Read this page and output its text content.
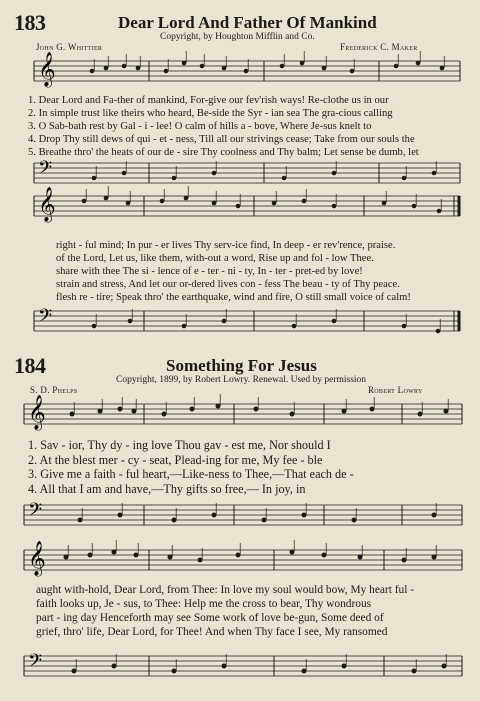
183	Dear Lord And Father Of Mankind
Copyright, by Houghton Mifflin and Co.
John G. Whittier	Frederick C. Maker
𝄞
1. Dear Lord and Fa-ther of mankind, For-give our fev'rish ways! Re-clothe us in our
2. In simple trust like theirs who heard, Be-side the Syr - ian sea The gra-cious calling
3. O Sab-bath rest by Gal - i - lee! O calm of hills a - bove, Where Je-sus knelt to
4. Drop Thy still dews of qui - et - ness, Till all our strivings cease; Take from our souls the
5. Breathe thro' the heats of our de - sire Thy coolness and Thy balm; Let sense be dumb, let
𝄢
𝄞
right - ful mind; In pur - er lives Thy serv-ice find, In deep - er rev'rence, praise.
of the Lord, Let us, like them, with-out a word, Rise up and fol - low Thee.
share with thee The si - lence of e - ter - ni - ty, In - ter - pret-ed by love!
strain and stress, And let our or-dered lives con - fess The beau - ty of Thy peace.
flesh re - tire; Speak thro' the earthquake, wind and fire, O still small voice of calm!
𝄢
184	Something For Jesus
Copyright, 1899, by Robert Lowry. Renewal. Used by permission
S. D. Phelps	Robert Lowry
𝄞
1. Sav - ior, Thy dy - ing love Thou gav - est me, Nor should I
2. At the blest mer - cy - seat, Plead-ing for me, My fee - ble
3. Give me a faith - ful heart,—Like-ness to Thee,—That each de -
4. All that I am and have,—Thy gifts so free,— In joy, in
𝄢
𝄞
aught with-hold, Dear Lord, from Thee: In love my soul would bow, My heart ful -
faith looks up, Je - sus, to Thee: Help me the cross to bear, Thy wondrous
part - ing day Henceforth may see Some work of love be-gun, Some deed of
grief, thro' life, Dear Lord, for Thee! And when Thy face I see, My ransomed
𝄢
